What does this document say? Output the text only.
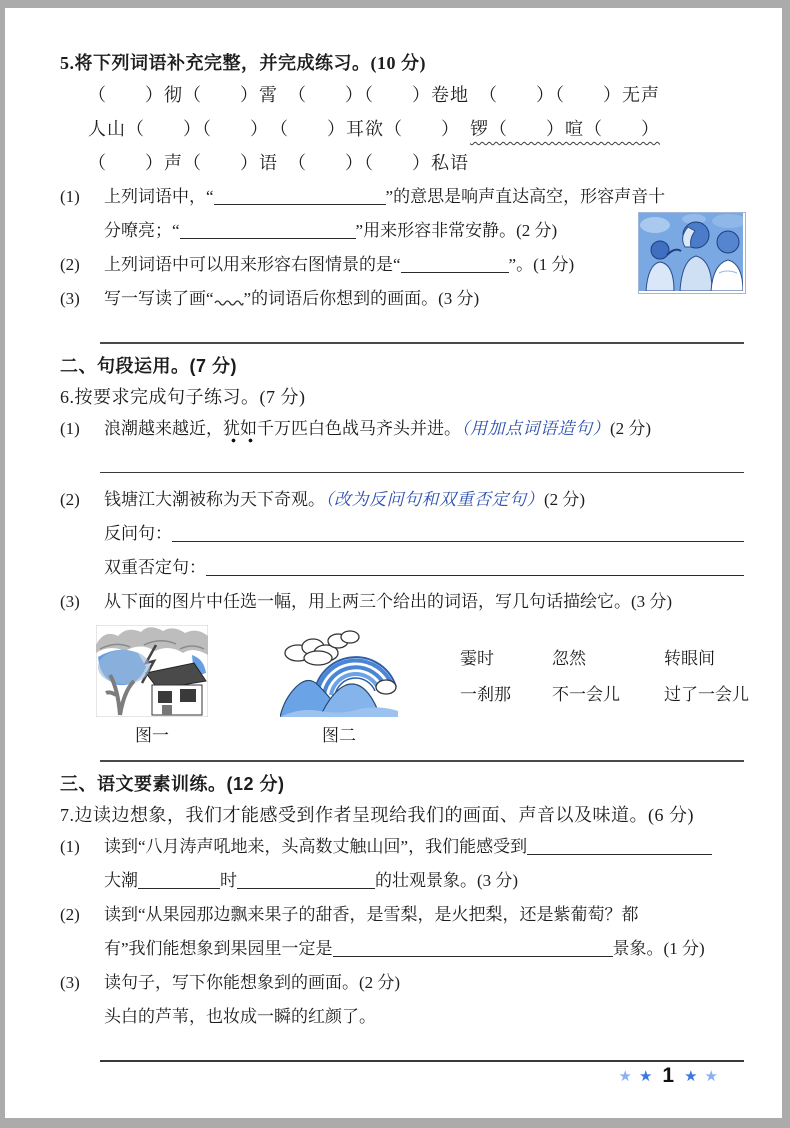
5.将下列词语补充完整，并完成练习。(10 分)
（　　）彻（　　）霄　（　　）（　　）卷地　（　　）（　　）无声
人山（　　）（　　）　（　　）耳欲（　　）　锣（　　）喧（　　）
（　　）声（　　）语　（　　）（　　）私语
(1) 上列词语中，“	”的意思是响声直达高空，形容声音十
分嘹亮；“	”用来形容非常安静。(2 分)
(2) 上列词语中可以用来形容右图情景的是“	”。(1 分)
(3) 写一写读了画“ ”的词语后你想到的画面。(3 分)
二、句段运用。(7 分)
6.按要求完成句子练习。(7 分)
(1) 浪潮越来越近，犹如千万匹白色战马齐头并进。（用加点词语造句）(2 分)
(2) 钱塘江大潮被称为天下奇观。（改为反问句和双重否定句）(2 分)
反问句：
双重否定句：
(3) 从下面的图片中任选一幅，用上两三个给出的词语，写几句话描绘它。(3 分)
图一	图二
霎时	忽然	转眼间
一刹那	不一会儿	过了一会儿
三、语文要素训练。(12 分)
7.边读边想象，我们才能感受到作者呈现给我们的画面、声音以及味道。(6 分)
(1) 读到“八月涛声吼地来，头高数丈触山回”，我们能感受到
大潮	时	的壮观景象。(3 分)
(2) 读到“从果园那边飘来果子的甜香，是雪梨，是火把梨，还是紫葡萄？都
有”我们能想象到果园里一定是	景象。(1 分)
(3) 读句子，写下你能想象到的画面。(2 分)
头白的芦苇，也妆成一瞬的红颜了。
★ ★ 1 ★ ★
